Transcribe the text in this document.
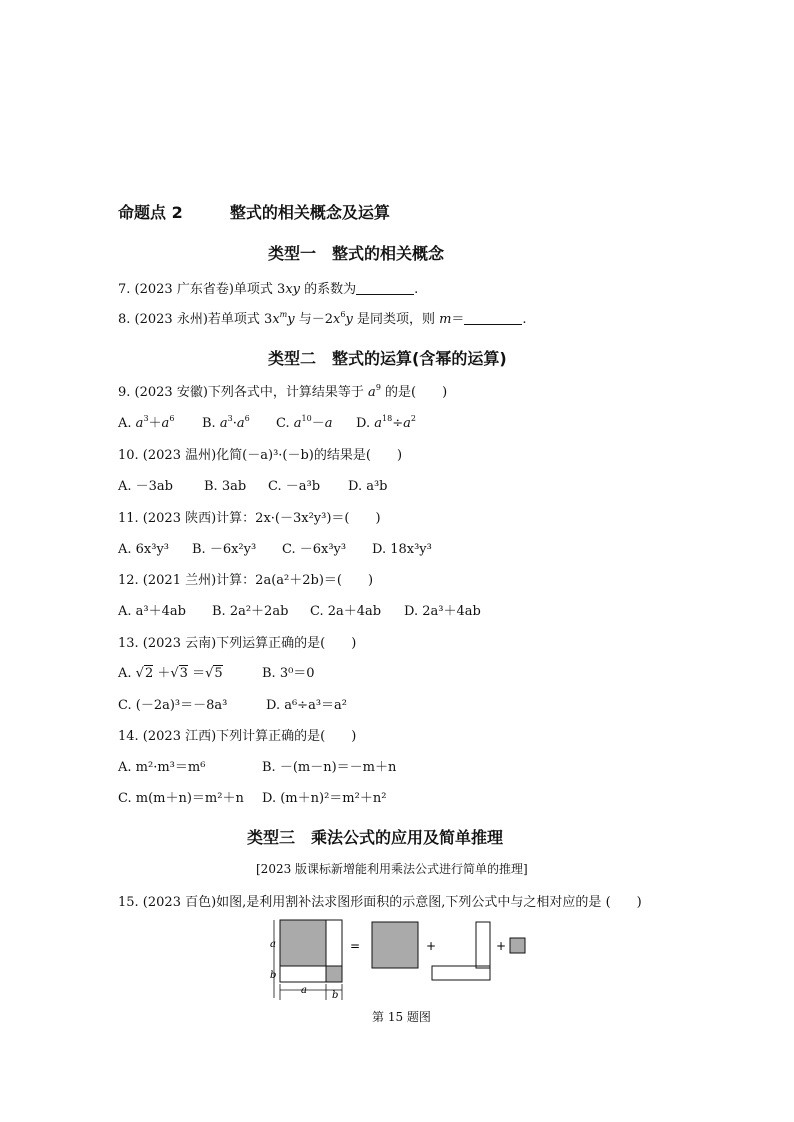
命题点 2	整式的相关概念及运算
类型一　整式的相关概念
7. (2023 广东省卷)单项式 3xy 的系数为	.
8. (2023 永州)若单项式 $3x^my$ 与$-2x^6y$ 是同类项，则 m＝	.
类型二　整式的运算(含幂的运算)
9. (2023 安徽)下列各式中，计算结果等于 $a^9$ 的是(　　)
A. $a^3+a^6$ B. $a^3\cdot a^6$ C. $a^{10}-a$ D. $a^{18}\div a^2$
10. (2023 温州)化简(－a)³·(－b)的结果是(　　)
A. －3ab B. 3ab C. －a³b D. a³b
11. (2023 陕西)计算：2x·(－3x²y³)＝(　　)
A. 6x³y³ B. －6x²y³ C. －6x³y³ D. 18x³y³
12. (2021 兰州)计算：2a(a²＋2b)＝(　　)
A. a³＋4ab B. 2a²＋2ab C. 2a＋4ab D. 2a³＋4ab
13. (2023 云南)下列运算正确的是(　　)
A. √2 ＋√3 ＝√5	B. 3⁰＝0
C. (－2a)³＝－8a³	D. a⁶÷a³＝a²
14. (2023 江西)下列计算正确的是(　　)
A. m²·m³＝m⁶	B. －(m－n)＝－m＋n
C. m(m＋n)＝m²＋n D. (m＋n)²＝m²＋n²
类型三　乘法公式的应用及简单推理
[2023 版课标新增能利用乘法公式进行简单的推理]
15. (2023 百色)如图,是利用割补法求图形面积的示意图,下列公式中与之相对应的是 (　　)
a
b
a	b
=	+	+
第 15 题图
